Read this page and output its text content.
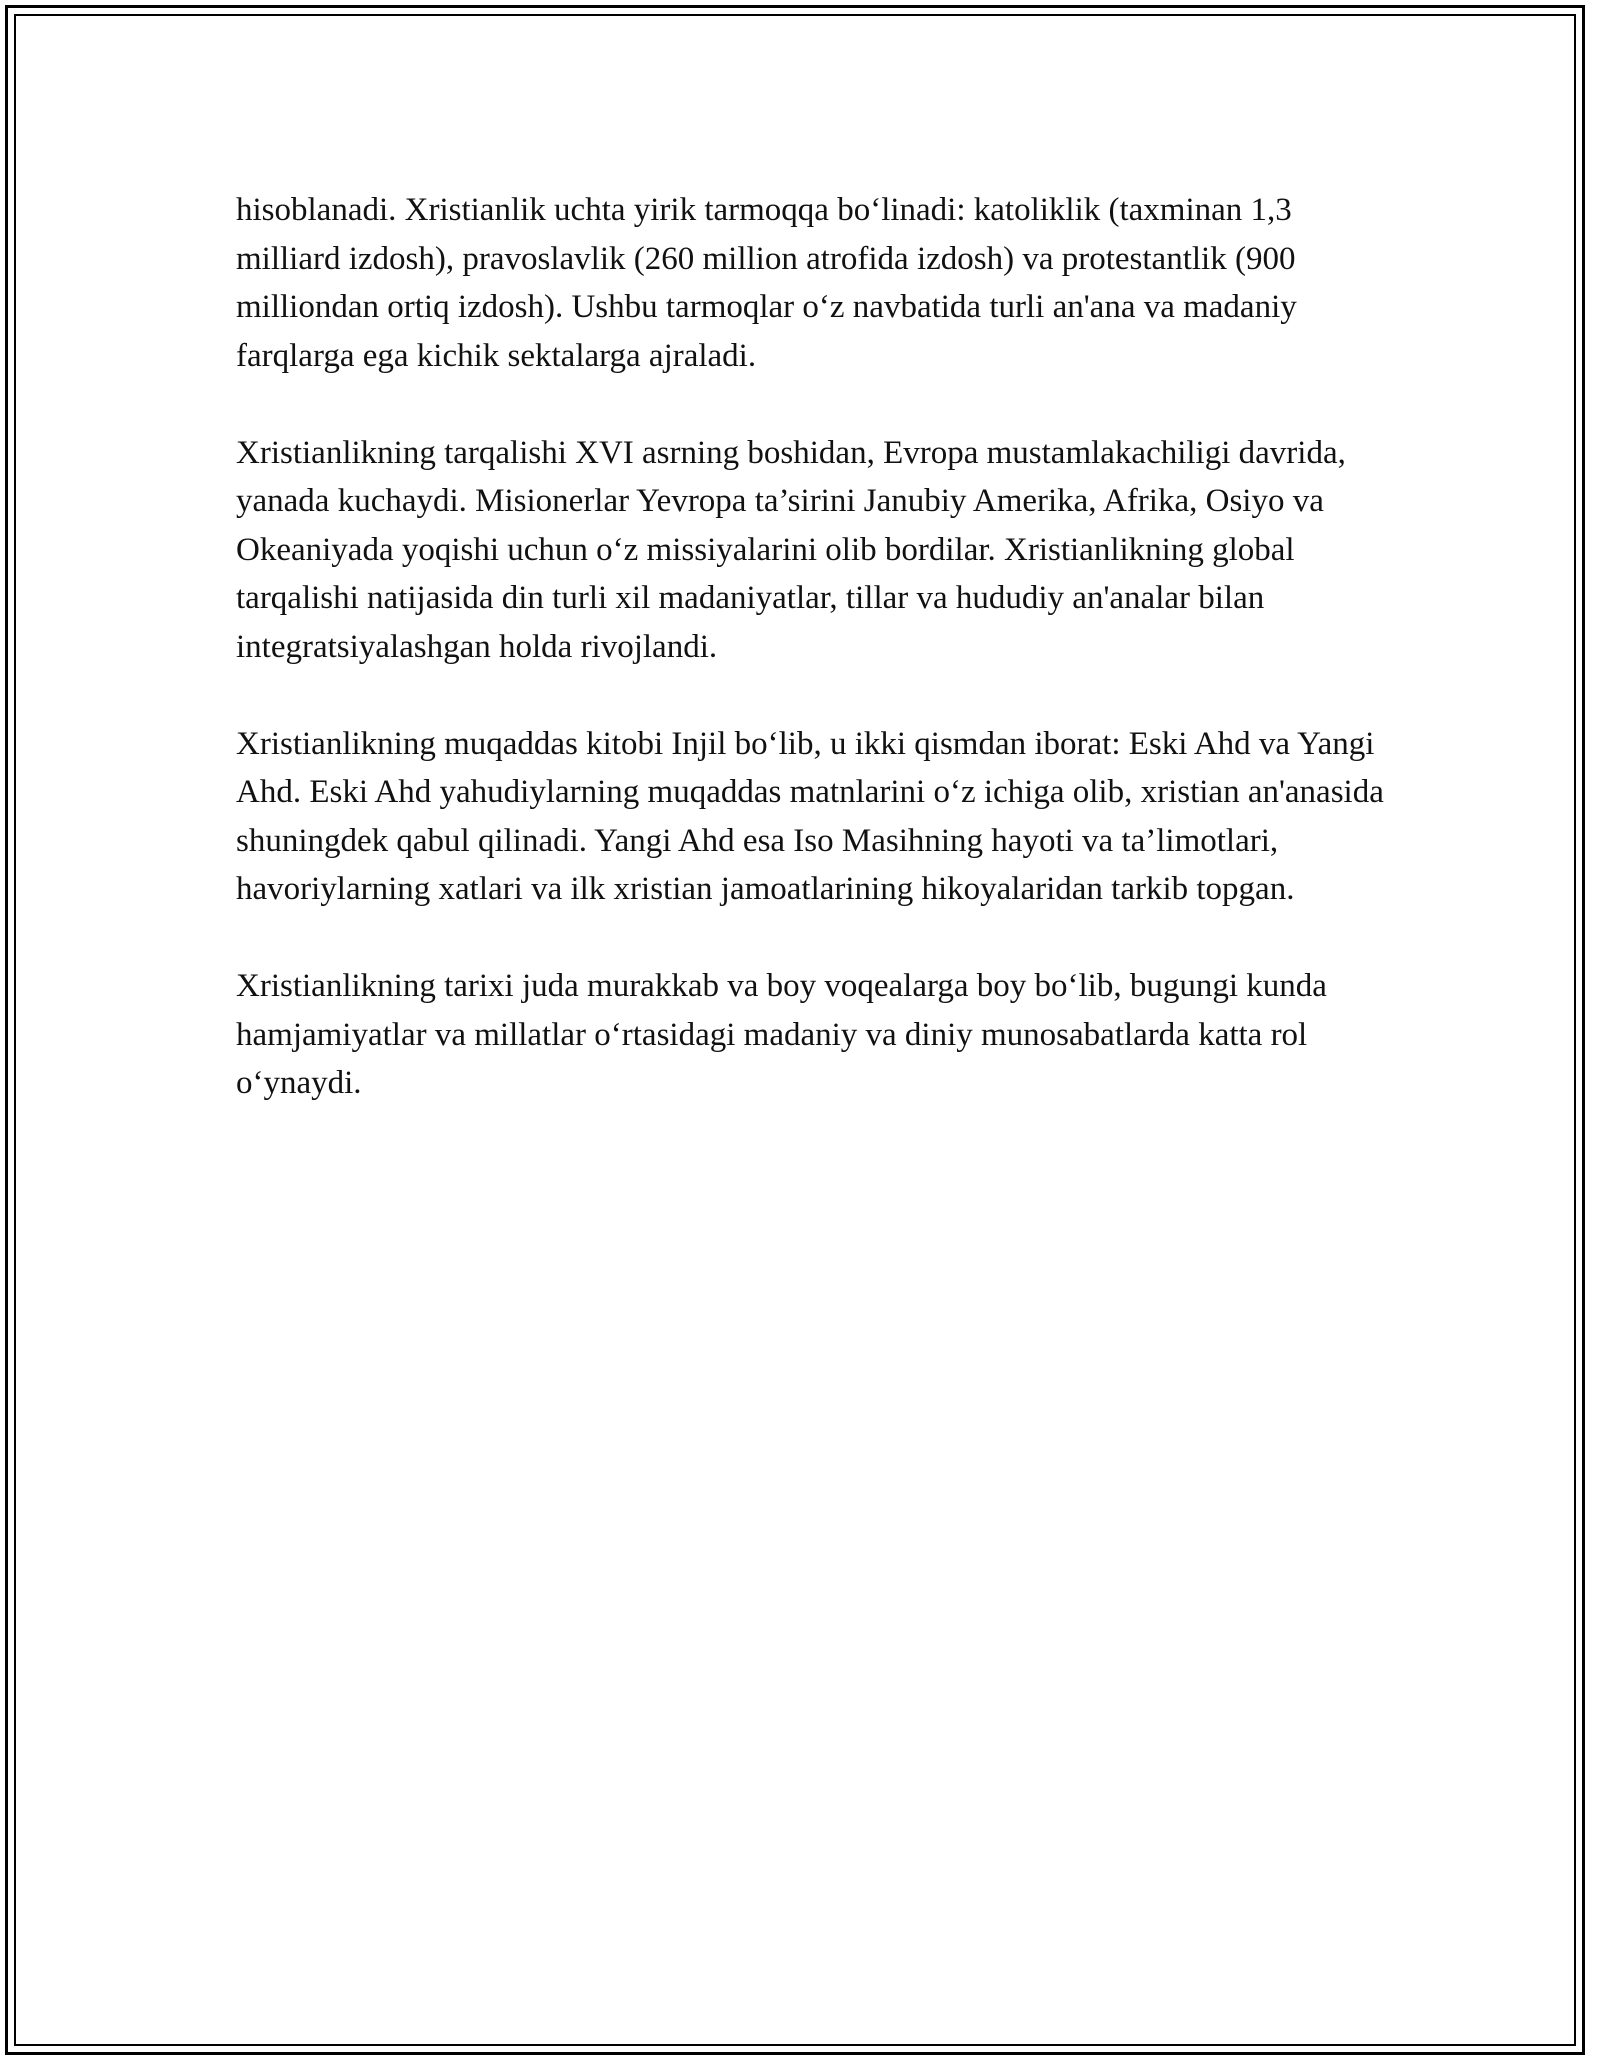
hisoblanadi. Xristianlik uchta yirik tarmoqqa bo‘linadi: katoliklik (taxminan 1,3 milliard izdosh), pravoslavlik (260 million atrofida izdosh) va protestantlik (900 milliondan ortiq izdosh). Ushbu tarmoqlar o‘z navbatida turli an'ana va madaniy farqlarga ega kichik sektalarga ajraladi.

Xristianlikning tarqalishi XVI asrning boshidan, Evropa mustamlakachiligi davrida, yanada kuchaydi. Misionerlar Yevropa ta’sirini Janubiy Amerika, Afrika, Osiyo va Okeaniyada yoqishi uchun o‘z missiyalarini olib bordilar. Xristianlikning global tarqalishi natijasida din turli xil madaniyatlar, tillar va hududiy an'analar bilan integratsiyalashgan holda rivojlandi.

Xristianlikning muqaddas kitobi Injil bo‘lib, u ikki qismdan iborat: Eski Ahd va Yangi Ahd. Eski Ahd yahudiylarning muqaddas matnlarini o‘z ichiga olib, xristian an'anasida shuningdek qabul qilinadi. Yangi Ahd esa Iso Masihning hayoti va ta’limotlari, havoriylarning xatlari va ilk xristian jamoatlarining hikoyalaridan tarkib topgan.

Xristianlikning tarixi juda murakkab va boy voqealarga boy bo‘lib, bugungi kunda hamjamiyatlar va millatlar o‘rtasidagi madaniy va diniy munosabatlarda katta rol o‘ynaydi.
